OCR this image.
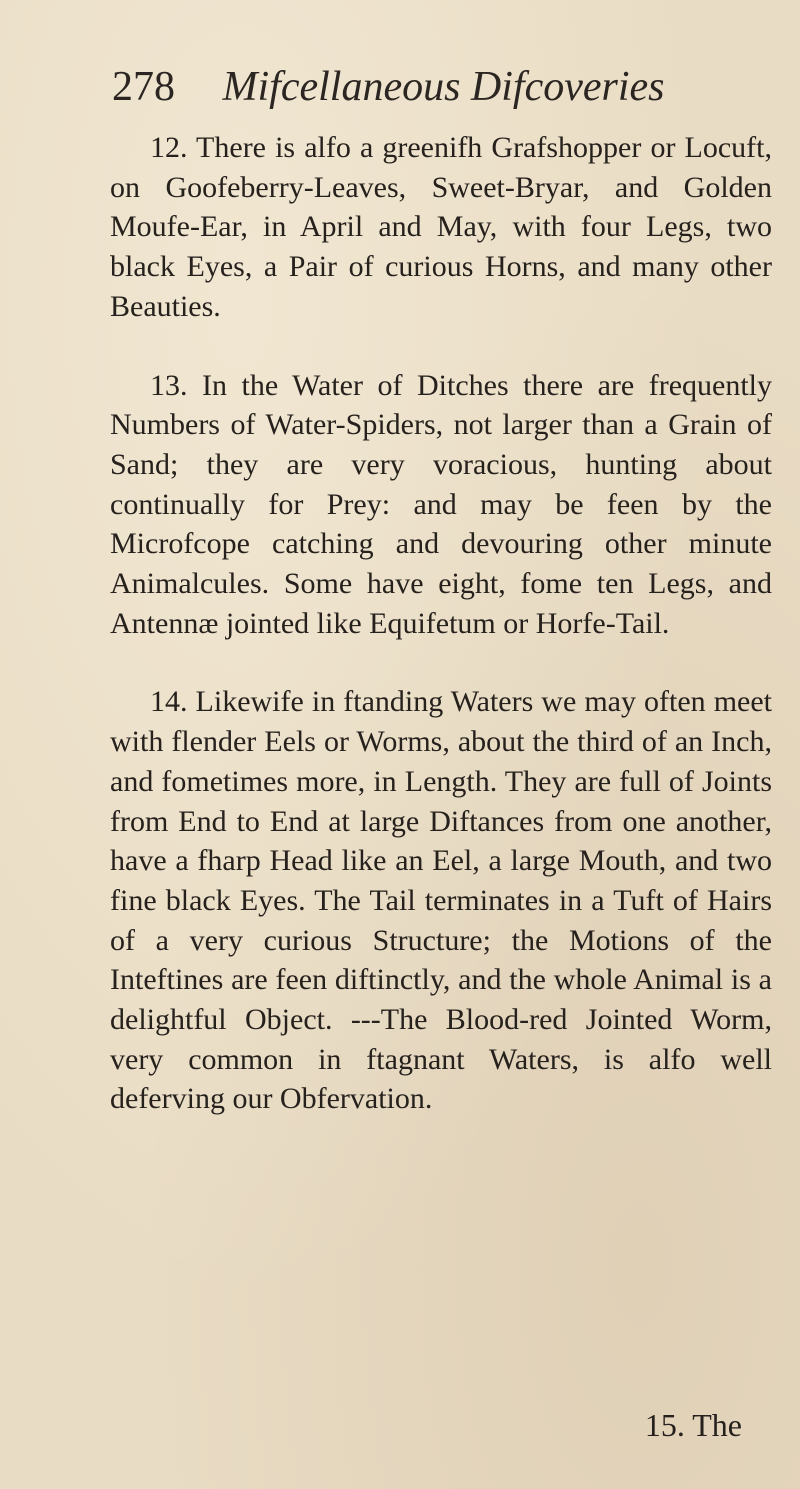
278 Mifcellaneous Difcoveries

12. There is alfo a greenifh Grafshopper or Locuft, on Goofeberry-Leaves, Sweet-Bryar, and Golden Moufe-Ear, in April and May, with four Legs, two black Eyes, a Pair of curious Horns, and many other Beauties.

13. In the Water of Ditches there are frequently Numbers of Water-Spiders, not larger than a Grain of Sand; they are very voracious, hunting about continually for Prey: and may be feen by the Microfcope catching and devouring other minute Animalcules. Some have eight, fome ten Legs, and Antennæ jointed like Equifetum or Horfe-Tail.

14. Likewife in ftanding Waters we may often meet with flender Eels or Worms, about the third of an Inch, and fometimes more, in Length. They are full of Joints from End to End at large Diftances from one another, have a fharp Head like an Eel, a large Mouth, and two fine black Eyes. The Tail terminates in a Tuft of Hairs of a very curious Structure; the Motions of the Inteftines are feen diftinctly, and the whole Animal is a delightful Object. ---The Blood-red Jointed Worm, very common in ftagnant Waters, is alfo well deferving our Obfervation.

15. The
